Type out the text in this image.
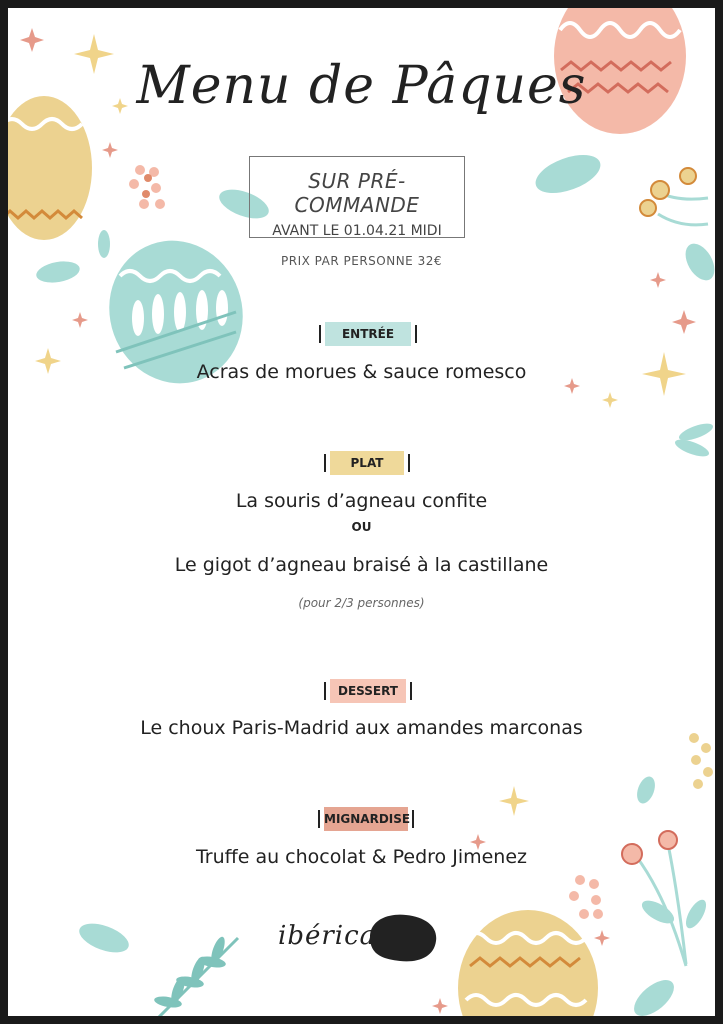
Menu de Pâques
SUR PRÉ-COMMANDE
AVANT LE 01.04.21 MIDI
PRIX PAR PERSONNE 32€
ENTRÉE
Acras de morues & sauce romesco
PLAT
La souris d’agneau confite
OU
Le gigot d’agneau braisé à la castillane
(pour 2/3 personnes)
DESSERT
Le choux Paris-Madrid aux amandes marconas
MIGNARDISE
Truffe au chocolat & Pedro Jimenez
ibérica
